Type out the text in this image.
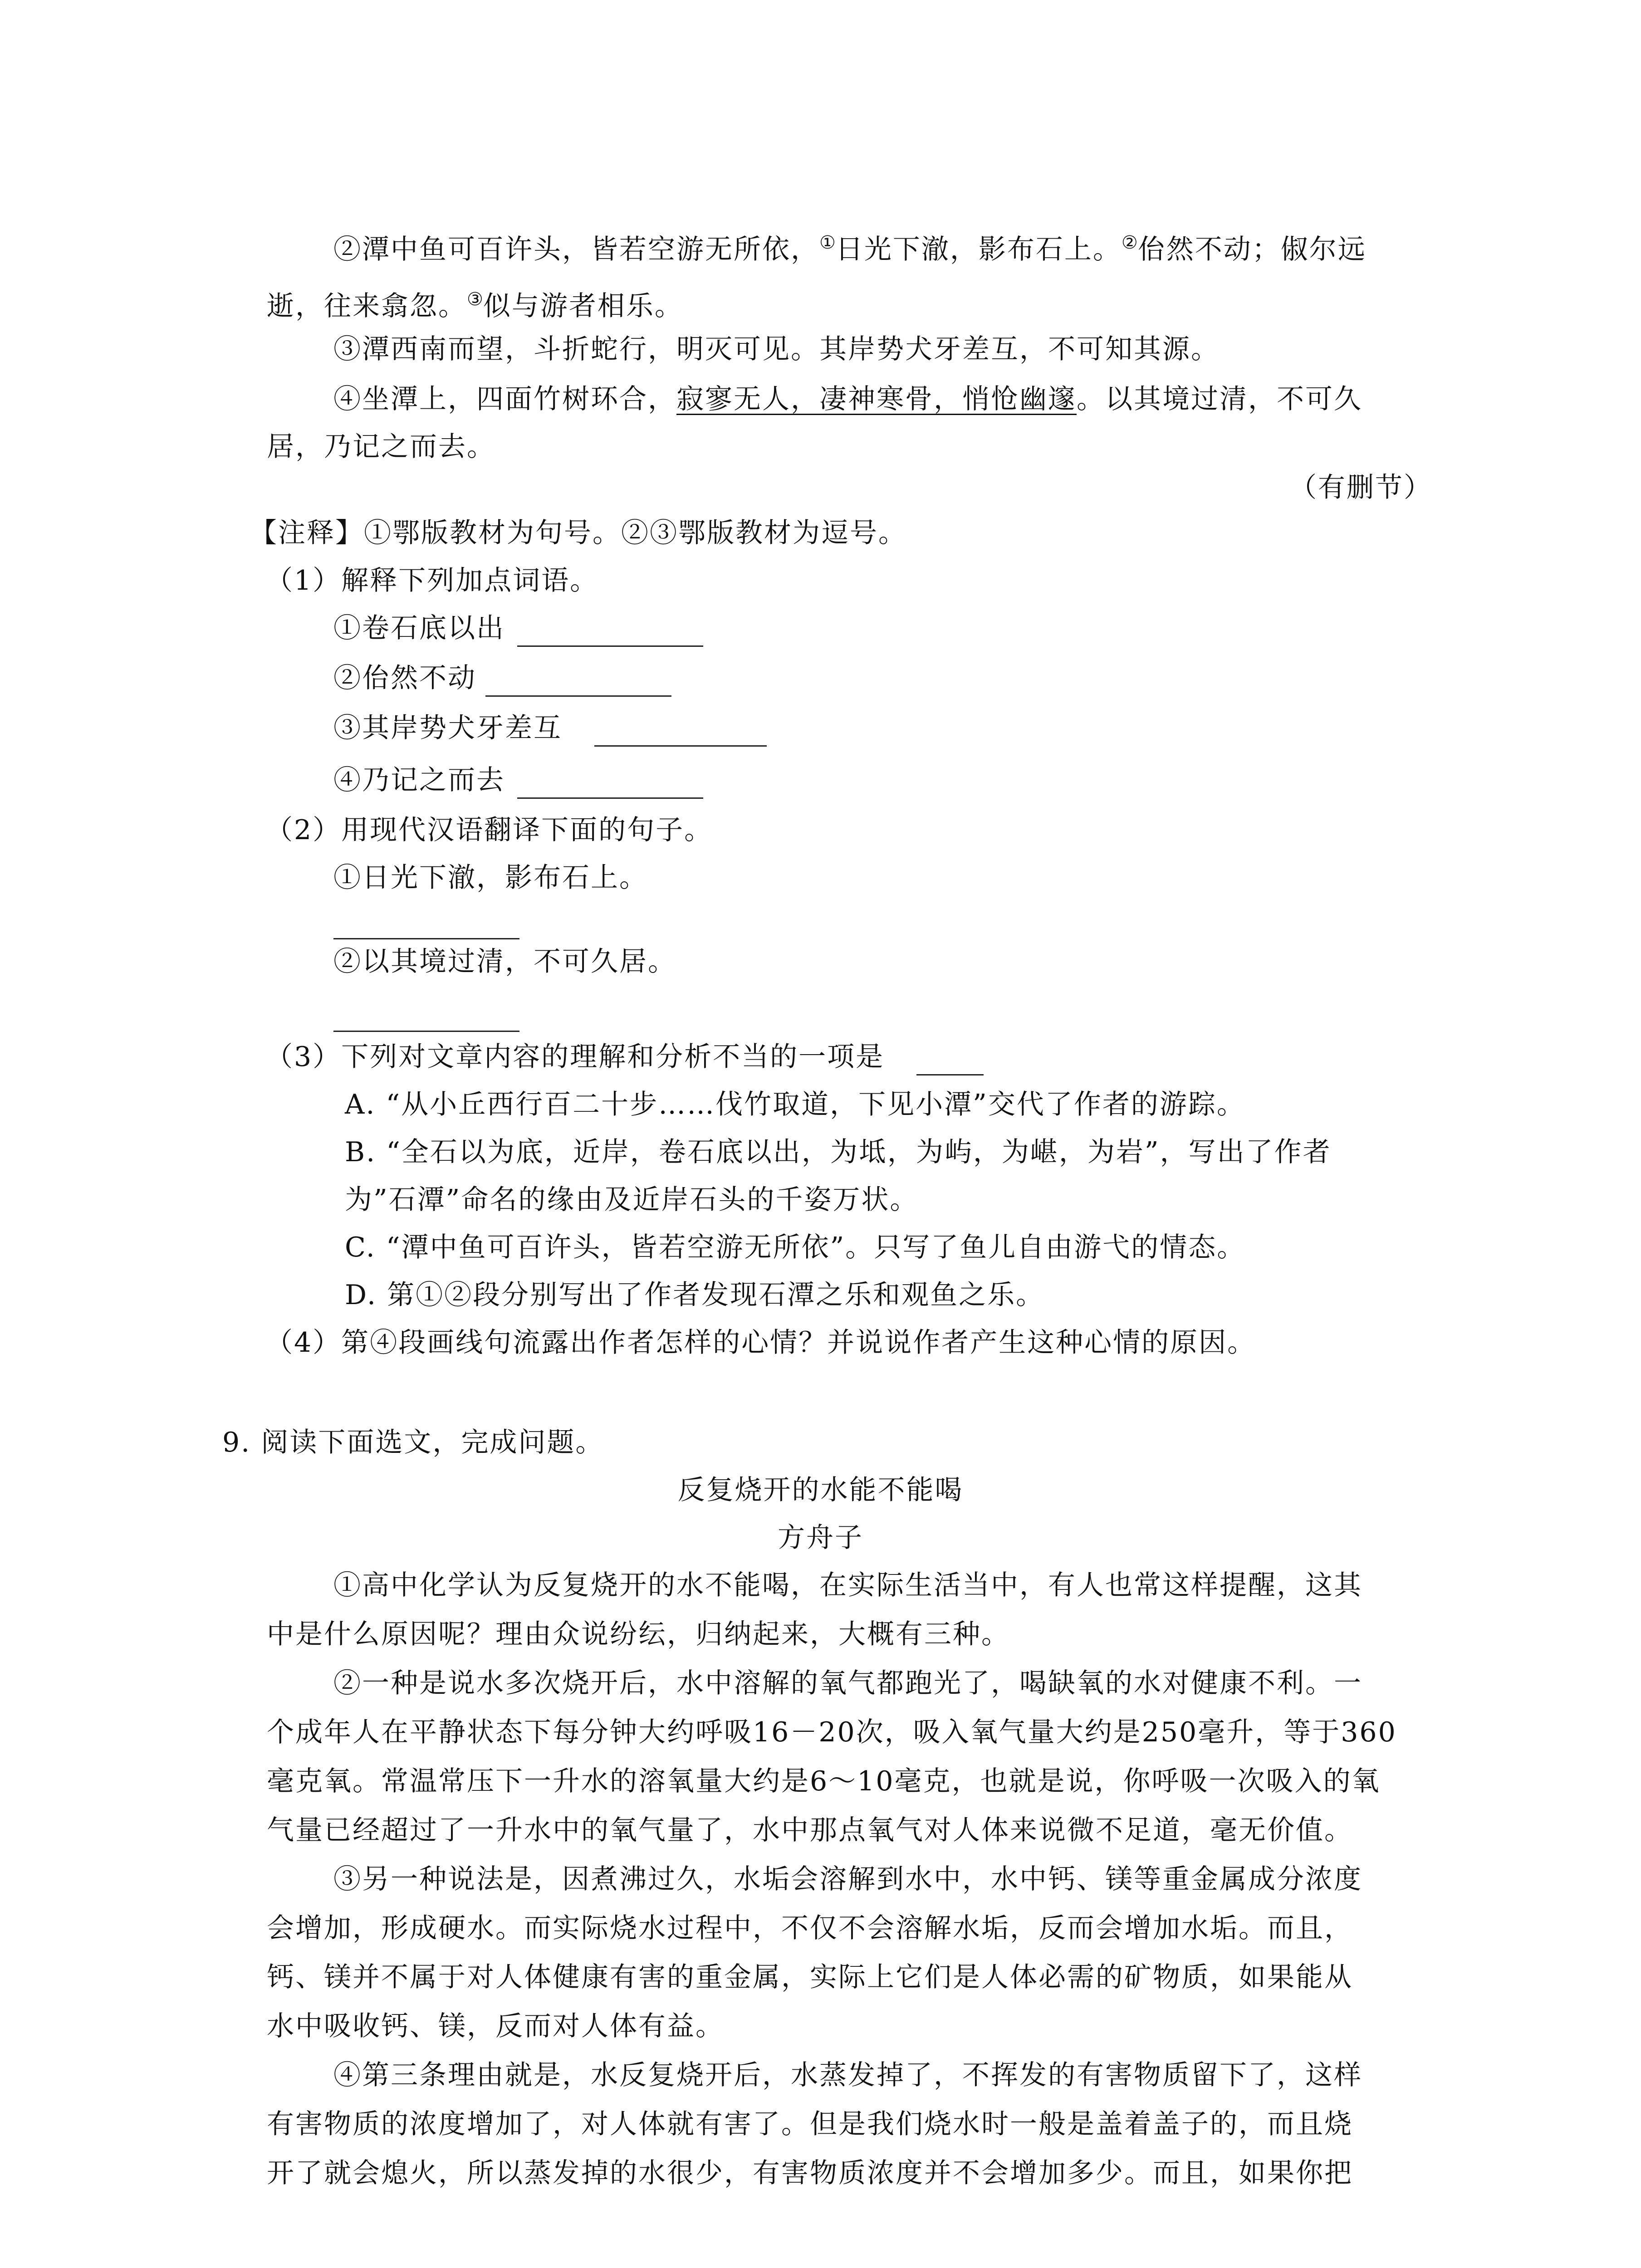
②潭中鱼可百许头，皆若空游无所依，①日光下澈，影布石上。②佁然不动；俶尔远

逝，往来翕忽。③似与游者相乐。

③潭西南而望，斗折蛇行，明灭可见。其岸势犬牙差互，不可知其源。

④坐潭上，四面竹树环合，寂寥无人，凄神寒骨，悄怆幽邃。以其境过清，不可久

居，乃记之而去。

（有删节）

【注释】①鄂版教材为句号。②③鄂版教材为逗号。

（1）解释下列加点词语。

①卷石底以出

②佁然不动

③其岸势犬牙差互

④乃记之而去

（2）用现代汉语翻译下面的句子。

①日光下澈，影布石上。

②以其境过清，不可久居。

（3）下列对文章内容的理解和分析不当的一项是

A. “从小丘西行百二十步……伐竹取道，下见小潭”交代了作者的游踪。

B. “全石以为底，近岸，卷石底以出，为坻，为屿，为嵁，为岩”，写出了作者

为”石潭”命名的缘由及近岸石头的千姿万状。

C. “潭中鱼可百许头，皆若空游无所依”。只写了鱼儿自由游弋的情态。

D. 第①②段分别写出了作者发现石潭之乐和观鱼之乐。

（4）第④段画线句流露出作者怎样的心情？并说说作者产生这种心情的原因。

9. 阅读下面选文，完成问题。

反复烧开的水能不能喝

方舟子

①高中化学认为反复烧开的水不能喝，在实际生活当中，有人也常这样提醒，这其

中是什么原因呢？理由众说纷纭，归纳起来，大概有三种。

②一种是说水多次烧开后，水中溶解的氧气都跑光了，喝缺氧的水对健康不利。一

个成年人在平静状态下每分钟大约呼吸16－20次，吸入氧气量大约是250毫升，等于360

毫克氧。常温常压下一升水的溶氧量大约是6～10毫克，也就是说，你呼吸一次吸入的氧

气量已经超过了一升水中的氧气量了，水中那点氧气对人体来说微不足道，毫无价值。

③另一种说法是，因煮沸过久，水垢会溶解到水中，水中钙、镁等重金属成分浓度

会增加，形成硬水。而实际烧水过程中，不仅不会溶解水垢，反而会增加水垢。而且，

钙、镁并不属于对人体健康有害的重金属，实际上它们是人体必需的矿物质，如果能从

水中吸收钙、镁，反而对人体有益。

④第三条理由就是，水反复烧开后，水蒸发掉了，不挥发的有害物质留下了，这样

有害物质的浓度增加了，对人体就有害了。但是我们烧水时一般是盖着盖子的，而且烧

开了就会熄火，所以蒸发掉的水很少，有害物质浓度并不会增加多少。而且，如果你把
